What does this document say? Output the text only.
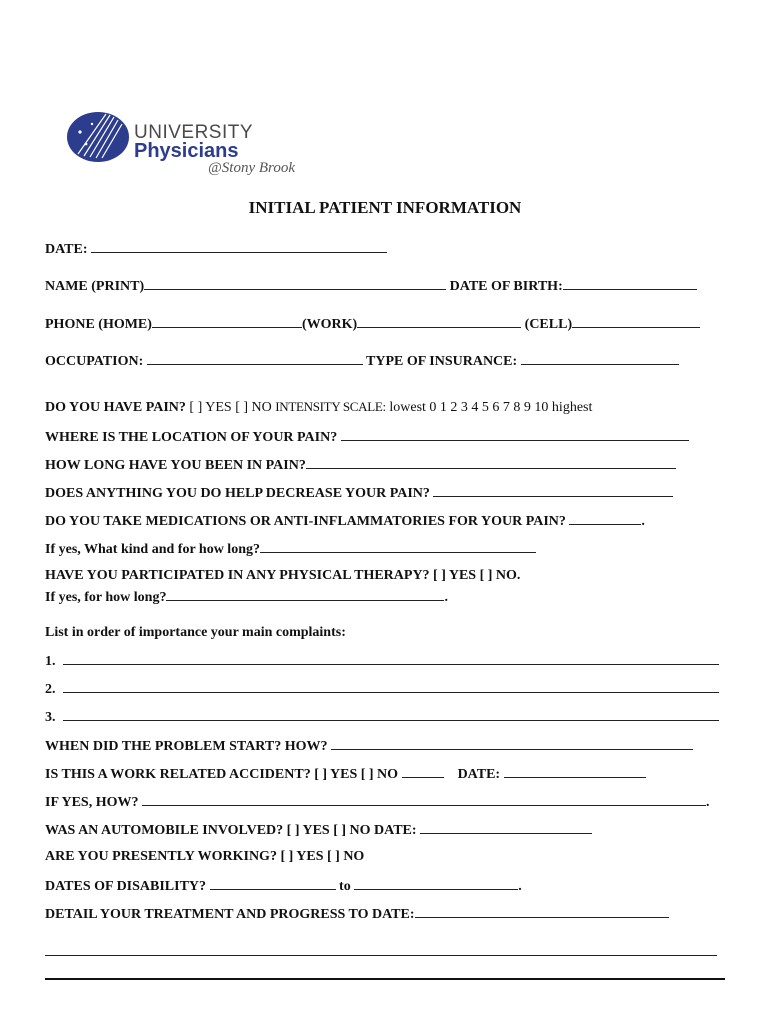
UNIVERSITY
Physicians
@Stony Brook
INITIAL PATIENT INFORMATION
DATE:
NAME (PRINT)	DATE OF BIRTH:
PHONE (HOME)	(WORK)	(CELL)
OCCUPATION:	TYPE OF INSURANCE:
DO YOU HAVE PAIN? [ ] YES [ ] NO INTENSITY SCALE: lowest 0 1 2 3 4 5 6 7 8 9 10 highest
WHERE IS THE LOCATION OF YOUR PAIN?
HOW LONG HAVE YOU BEEN IN PAIN?
DOES ANYTHING YOU DO HELP DECREASE YOUR PAIN?
DO YOU TAKE MEDICATIONS OR ANTI-INFLAMMATORIES FOR YOUR PAIN?	.
If yes, What kind and for how long?
HAVE YOU PARTICIPATED IN ANY PHYSICAL THERAPY? [ ] YES [ ] NO.
If yes, for how long?	.
List in order of importance your main complaints:
1.
2.
3.
WHEN DID THE PROBLEM START? HOW?
IS THIS A WORK RELATED ACCIDENT? [ ] YES [ ] NO	DATE:
IF YES, HOW?	.
WAS AN AUTOMOBILE INVOLVED? [ ] YES [ ] NO DATE:
ARE YOU PRESENTLY WORKING? [ ] YES [ ] NO
DATES OF DISABILITY?	to	.
DETAIL YOUR TREATMENT AND PROGRESS TO DATE:
